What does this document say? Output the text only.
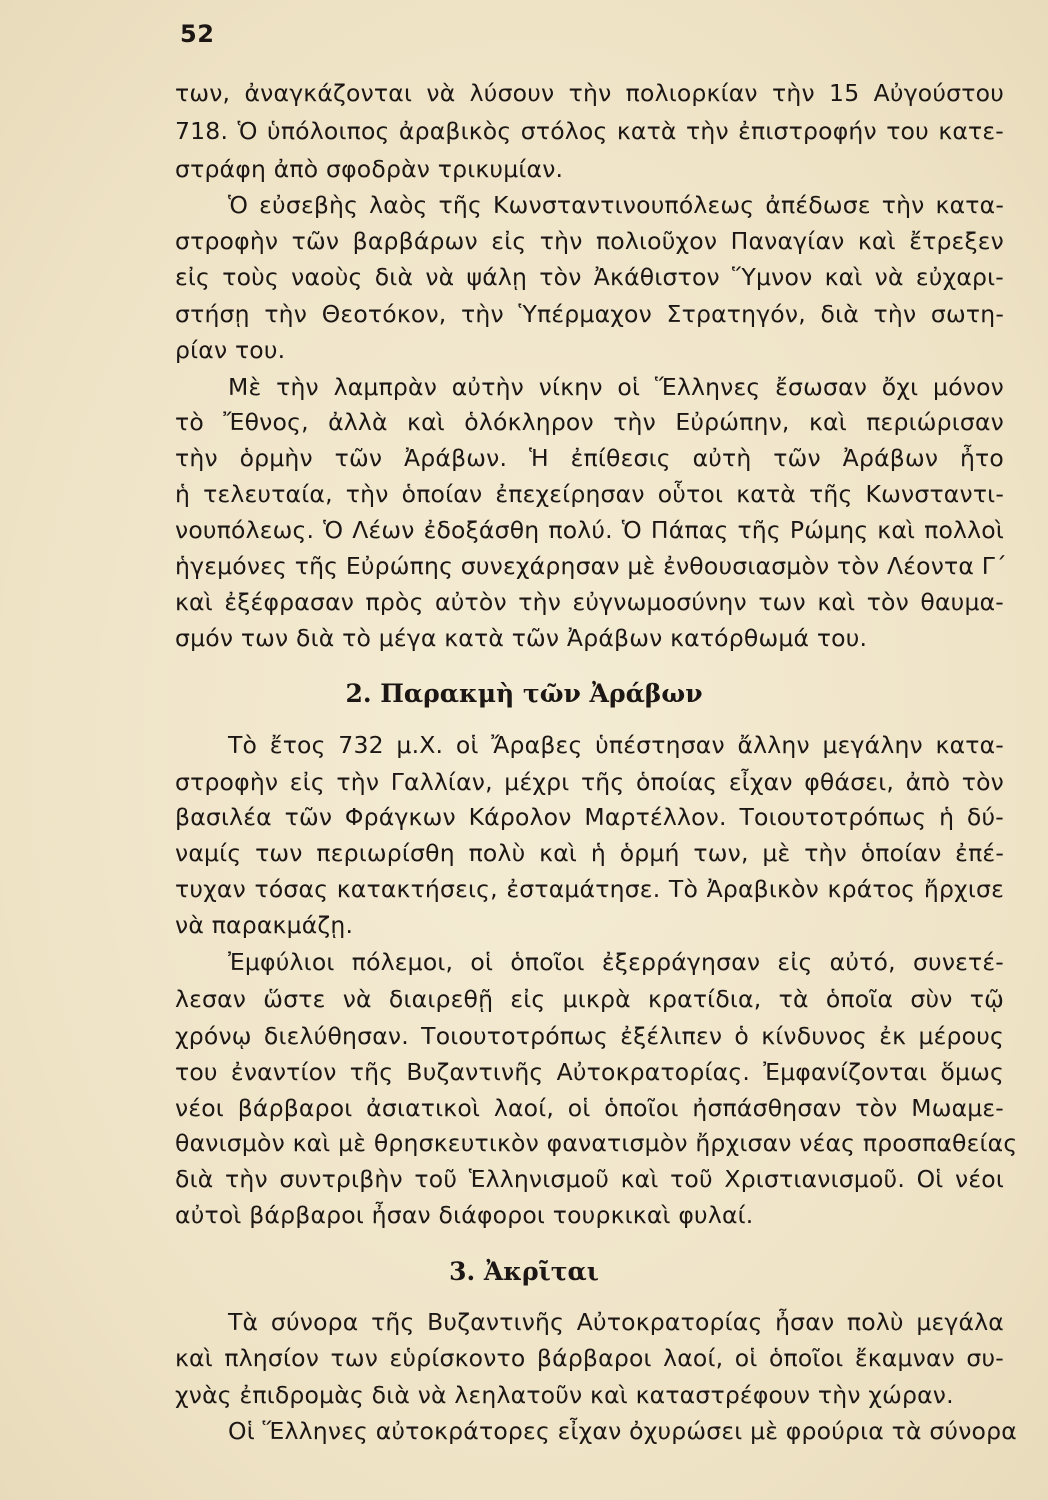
52
των, ἀναγκάζονται νὰ λύσουν τὴν πολιορκίαν τὴν 15 Αὐγούστου
718. Ὁ ὑπόλοιπος ἀραβικὸς στόλος κατὰ τὴν ἐπιστροφήν του κατε-
στράφη ἀπὸ σφοδρὰν τρικυμίαν.
Ὁ εὐσεβὴς λαὸς τῆς Κωνσταντινουπόλεως ἀπέδωσε τὴν κατα-
στροφὴν τῶν βαρβάρων εἰς τὴν πολιοῦχον Παναγίαν καὶ ἔτρεξεν
εἰς τοὺς ναοὺς διὰ νὰ ψάλῃ τὸν Ἀκάθιστον Ὕμνον καὶ νὰ εὐχαρι-
στήσῃ τὴν Θεοτόκον, τὴν Ὑπέρμαχον Στρατηγόν, διὰ τὴν σωτη-
ρίαν του.
Μὲ τὴν λαμπρὰν αὐτὴν νίκην οἱ Ἕλληνες ἔσωσαν ὄχι μόνον
τὸ Ἔθνος, ἀλλὰ καὶ ὁλόκληρον τὴν Εὐρώπην, καὶ περιώρισαν
τὴν ὁρμὴν τῶν Ἀράβων. Ἡ ἐπίθεσις αὐτὴ τῶν Ἀράβων ἦτο
ἡ τελευταία, τὴν ὁποίαν ἐπεχείρησαν οὗτοι κατὰ τῆς Κωνσταντι-
νουπόλεως. Ὁ Λέων ἐδοξάσθη πολύ. Ὁ Πάπας τῆς Ρώμης καὶ πολλοὶ
ἡγεμόνες τῆς Εὐρώπης συνεχάρησαν μὲ ἐνθουσιασμὸν τὸν Λέοντα Γ΄
καὶ ἐξέφρασαν πρὸς αὐτὸν τὴν εὐγνωμοσύνην των καὶ τὸν θαυμα-
σμόν των διὰ τὸ μέγα κατὰ τῶν Ἀράβων κατόρθωμά του.
2. Παρακμὴ τῶν Ἀράβων
Τὸ ἔτος 732 μ.Χ. οἱ Ἄραβες ὑπέστησαν ἄλλην μεγάλην κατα-
στροφὴν εἰς τὴν Γαλλίαν, μέχρι τῆς ὁποίας εἶχαν φθάσει, ἀπὸ τὸν
βασιλέα τῶν Φράγκων Κάρολον Μαρτέλλον. Τοιουτοτρόπως ἡ δύ-
ναμίς των περιωρίσθη πολὺ καὶ ἡ ὁρμή των, μὲ τὴν ὁποίαν ἐπέ-
τυχαν τόσας κατακτήσεις, ἐσταμάτησε. Τὸ Ἀραβικὸν κράτος ἤρχισε
νὰ παρακμάζῃ.
Ἐμφύλιοι πόλεμοι, οἱ ὁποῖοι ἐξερράγησαν εἰς αὐτό, συνετέ-
λεσαν ὥστε νὰ διαιρεθῇ εἰς μικρὰ κρατίδια, τὰ ὁποῖα σὺν τῷ
χρόνῳ διελύθησαν. Τοιουτοτρόπως ἐξέλιπεν ὁ κίνδυνος ἐκ μέρους
του ἐναντίον τῆς Βυζαντινῆς Αὐτοκρατορίας. Ἐμφανίζονται ὅμως
νέοι βάρβαροι ἀσιατικοὶ λαοί, οἱ ὁποῖοι ἠσπάσθησαν τὸν Μωαμε-
θανισμὸν καὶ μὲ θρησκευτικὸν φανατισμὸν ἤρχισαν νέας προσπαθείας
διὰ τὴν συντριβὴν τοῦ Ἑλληνισμοῦ καὶ τοῦ Χριστιανισμοῦ. Οἱ νέοι
αὐτοὶ βάρβαροι ἦσαν διάφοροι τουρκικαὶ φυλαί.
3. Ἀκρῖται
Τὰ σύνορα τῆς Βυζαντινῆς Αὐτοκρατορίας ἦσαν πολὺ μεγάλα
καὶ πλησίον των εὑρίσκοντο βάρβαροι λαοί, οἱ ὁποῖοι ἔκαμναν συ-
χνὰς ἐπιδρομὰς διὰ νὰ λεηλατοῦν καὶ καταστρέφουν τὴν χώραν.
Οἱ Ἕλληνες αὐτοκράτορες εἶχαν ὀχυρώσει μὲ φρούρια τὰ σύνορα
